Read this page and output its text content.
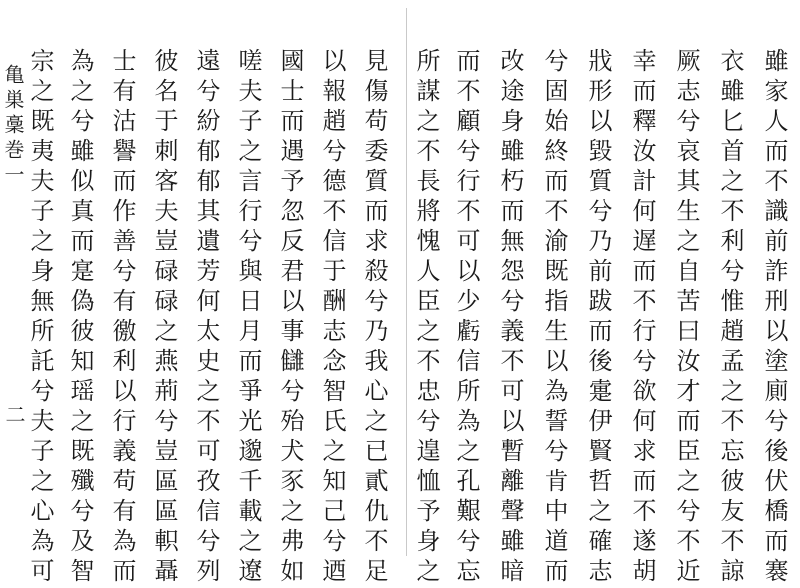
雖家人而不識前詐刑以塗廁兮後伏橋而褰
衣雖匕首之不利兮惟趙孟之不忘彼友不諒
厥志兮哀其生之自苦曰汝才而臣之兮不近
幸而釋汝計何遅而不行兮欲何求而不遂胡
戕形以毀質兮乃前跋而後疐伊賢哲之確志
兮固始終而不渝既指生以為誓兮肯中道而
改途身雖朽而無怨兮義不可以暫離聲雖暗
而不顧兮行不可以少虧信所為之孔艱兮忘
所謀之不長將愧人臣之不忠兮遑恤予身之
見傷苟委質而求殺兮乃我心之已貳仇不足
以報趙兮德不信于酬志念智氏之知己兮迺
國士而遇予忽反君以事讎兮殆犬豕之弗如
嗟夫子之言行兮與日月而爭光邈千載之遼
遠兮紛郁郁其遺芳何太史之不可孜信兮列
彼名于刺客夫豈碌碌之燕荊兮豈區區軹聶
士有沽譽而作善兮有徼利以行義苟有為而
為之兮雖似真而寔偽彼知瑶之既殲兮及智
宗之既夷夫子之身無所託兮夫子之心為可
亀巣稾巻一
二
